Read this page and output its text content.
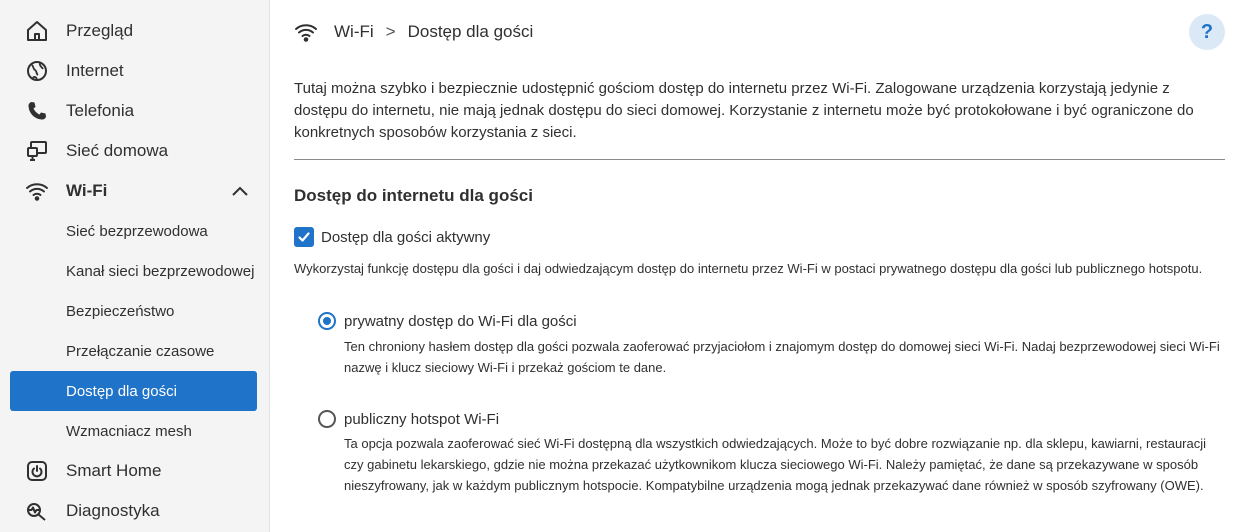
Przegląd
Internet
Telefonia
Sieć domowa
Wi-Fi
Sieć bezprzewodowa
Kanał sieci bezprzewodowej
Bezpieczeństwo
Przełączanie czasowe
Dostęp dla gości
Wzmacniacz mesh
Smart Home
Diagnostyka
Wi-Fi > Dostęp dla gości	?

Tutaj można szybko i bezpiecznie udostępnić gościom dostęp do internetu przez Wi-Fi. Zalogowane urządzenia korzystają jedynie z dostępu do internetu, nie mają jednak dostępu do sieci domowej. Korzystanie z internetu może być protokołowane i być ograniczone do konkretnych sposobów korzystania z sieci.

Dostęp do internetu dla gości
Dostęp dla gości aktywny

Wykorzystaj funkcję dostępu dla gości i daj odwiedzającym dostęp do internetu przez Wi-Fi w postaci prywatnego dostępu dla gości lub publicznego hotspotu.

prywatny dostęp do Wi-Fi dla gości

Ten chroniony hasłem dostęp dla gości pozwala zaoferować przyjaciołom i znajomym dostęp do domowej sieci Wi-Fi. Nadaj bezprzewodowej sieci Wi-Fi nazwę i klucz sieciowy Wi-Fi i przekaż gościom te dane.

publiczny hotspot Wi-Fi

Ta opcja pozwala zaoferować sieć Wi-Fi dostępną dla wszystkich odwiedzających. Może to być dobre rozwiązanie np. dla sklepu, kawiarni, restauracji czy gabinetu lekarskiego, gdzie nie można przekazać użytkownikom klucza sieciowego Wi-Fi. Należy pamiętać, że dane są przekazywane w sposób nieszyfrowany, jak w każdym publicznym hotspocie. Kompatybilne urządzenia mogą jednak przekazywać dane również w sposób szyfrowany (OWE).
